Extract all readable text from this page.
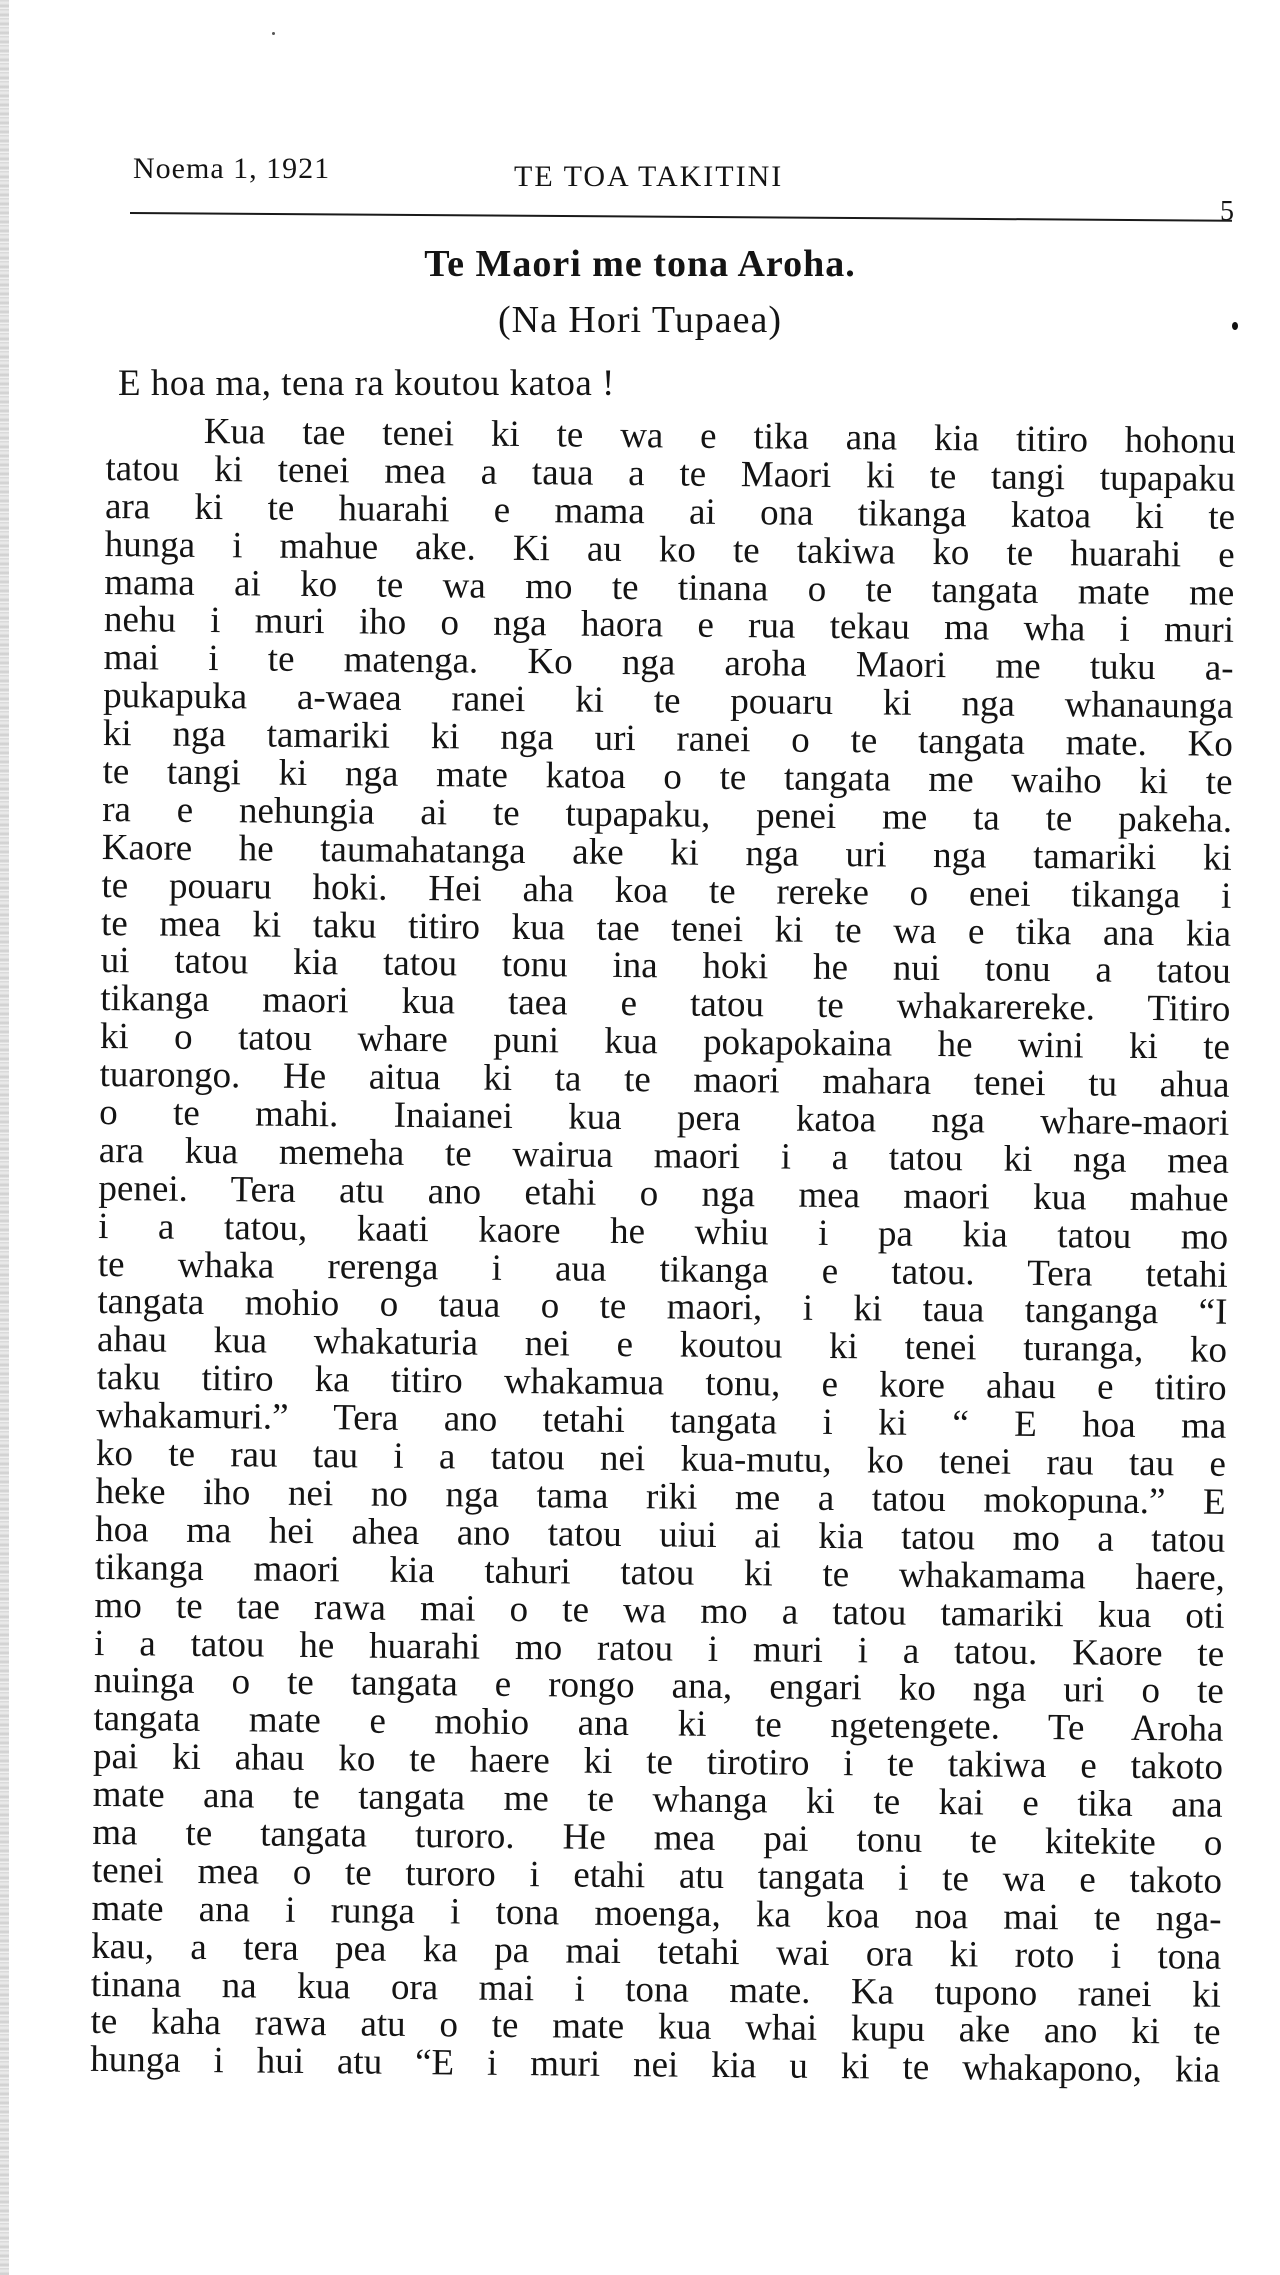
Noema 1, 1921	TE TOA TAKITINI
5
Te Maori me tona Aroha.
(Na Hori Tupaea)
E hoa ma, tena ra koutou katoa !
Kua tae tenei ki te wa e tika ana kia titiro hohonu
tatou ki tenei mea a taua a te Maori ki te tangi tupapaku
ara ki te huarahi e mama ai ona tikanga katoa ki te
hunga i mahue ake. Ki au ko te takiwa ko te huarahi e
mama ai ko te wa mo te tinana o te tangata mate me
nehu i muri iho o nga haora e rua tekau ma wha i muri
mai i te matenga. Ko nga aroha Maori me tuku a-
pukapuka a-waea ranei ki te pouaru ki nga whanaunga
ki nga tamariki ki nga uri ranei o te tangata mate. Ko
te tangi ki nga mate katoa o te tangata me waiho ki te
ra e nehungia ai te tupapaku, penei me ta te pakeha.
Kaore he taumahatanga ake ki nga uri nga tamariki ki
te pouaru hoki. Hei aha koa te rereke o enei tikanga i
te mea ki taku titiro kua tae tenei ki te wa e tika ana kia
ui tatou kia tatou tonu ina hoki he nui tonu a tatou
tikanga maori kua taea e tatou te whakarereke. Titiro
ki o tatou whare puni kua pokapokaina he wini ki te
tuarongo. He aitua ki ta te maori mahara tenei tu ahua
o te mahi. Inaianei kua pera katoa nga whare-maori
ara kua memeha te wairua maori i a tatou ki nga mea
penei. Tera atu ano etahi o nga mea maori kua mahue
i a tatou, kaati kaore he whiu i pa kia tatou mo
te whaka rerenga i aua tikanga e tatou. Tera tetahi
tangata mohio o taua o te maori, i ki taua tanganga “I
ahau kua whakaturia nei e koutou ki tenei turanga, ko
taku titiro ka titiro whakamua tonu, e kore ahau e titiro
whakamuri.” Tera ano tetahi tangata i ki “ E hoa ma
ko te rau tau i a tatou nei kua-mutu, ko tenei rau tau e
heke iho nei no nga tama riki me a tatou mokopuna.” E
hoa ma hei ahea ano tatou uiui ai kia tatou mo a tatou
tikanga maori kia tahuri tatou ki te whakamama haere,
mo te tae rawa mai o te wa mo a tatou tamariki kua oti
i a tatou he huarahi mo ratou i muri i a tatou. Kaore te
nuinga o te tangata e rongo ana, engari ko nga uri o te
tangata mate e mohio ana ki te ngetengete. Te Aroha
pai ki ahau ko te haere ki te tirotiro i te takiwa e takoto
mate ana te tangata me te whanga ki te kai e tika ana
ma te tangata turoro. He mea pai tonu te kitekite o
tenei mea o te turoro i etahi atu tangata i te wa e takoto
mate ana i runga i tona moenga, ka koa noa mai te nga-
kau, a tera pea ka pa mai tetahi wai ora ki roto i tona
tinana na kua ora mai i tona mate. Ka tupono ranei ki
te kaha rawa atu o te mate kua whai kupu ake ano ki te
hunga i hui atu “E i muri nei kia u ki te whakapono, kia
